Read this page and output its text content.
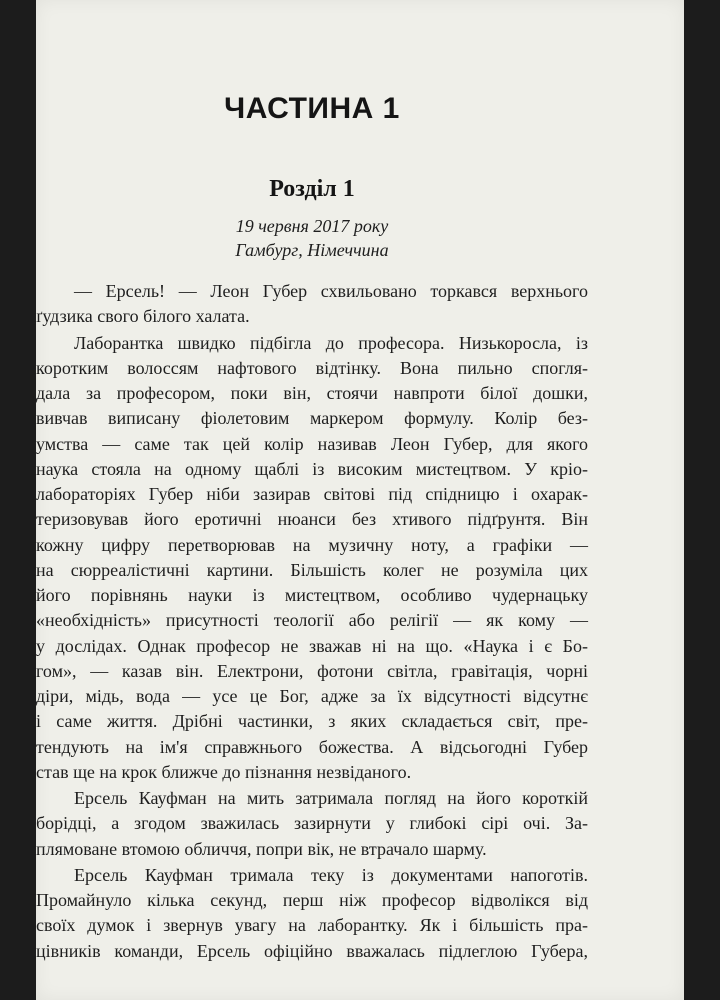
ЧАСТИНА 1
Розділ 1
19 червня 2017 року
Гамбург, Німеччина
— Ерсель! — Леон Губер схвильовано торкався верхнього
ґудзика свого білого халата.
Лаборантка швидко підбігла до професора. Низькоросла, із
коротким волоссям нафтового відтінку. Вона пильно спогля-
дала за професором, поки він, стоячи навпроти білої дошки,
вивчав виписану фіолетовим маркером формулу. Колір без-
умства — саме так цей колір називав Леон Губер, для якого
наука стояла на одному щаблі із високим мистецтвом. У кріо-
лабораторіях Губер ніби зазирав світові під спідницю і охарак-
теризовував його еротичні нюанси без хтивого підґрунтя. Він
кожну цифру перетворював на музичну ноту, а графіки —
на сюрреалістичні картини. Більшість колег не розуміла цих
його порівнянь науки із мистецтвом, особливо чудернацьку
«необхідність» присутності теології або релігії — як кому —
у дослідах. Однак професор не зважав ні на що. «Наука і є Бо-
гом», — казав він. Електрони, фотони світла, гравітація, чорні
діри, мідь, вода — усе це Бог, адже за їх відсутності відсутнє
і саме життя. Дрібні частинки, з яких складається світ, пре-
тендують на ім'я справжнього божества. А відсьогодні Губер
став ще на крок ближче до пізнання незвіданого.
Ерсель Кауфман на мить затримала погляд на його короткій
борідці, а згодом зважилась зазирнути у глибокі сірі очі. За-
плямоване втомою обличчя, попри вік, не втрачало шарму.
Ерсель Кауфман тримала теку із документами напоготів.
Промайнуло кілька секунд, перш ніж професор відволікся від
своїх думок і звернув увагу на лаборантку. Як і більшість пра-
цівників команди, Ерсель офіційно вважалась підлеглою Губера,
